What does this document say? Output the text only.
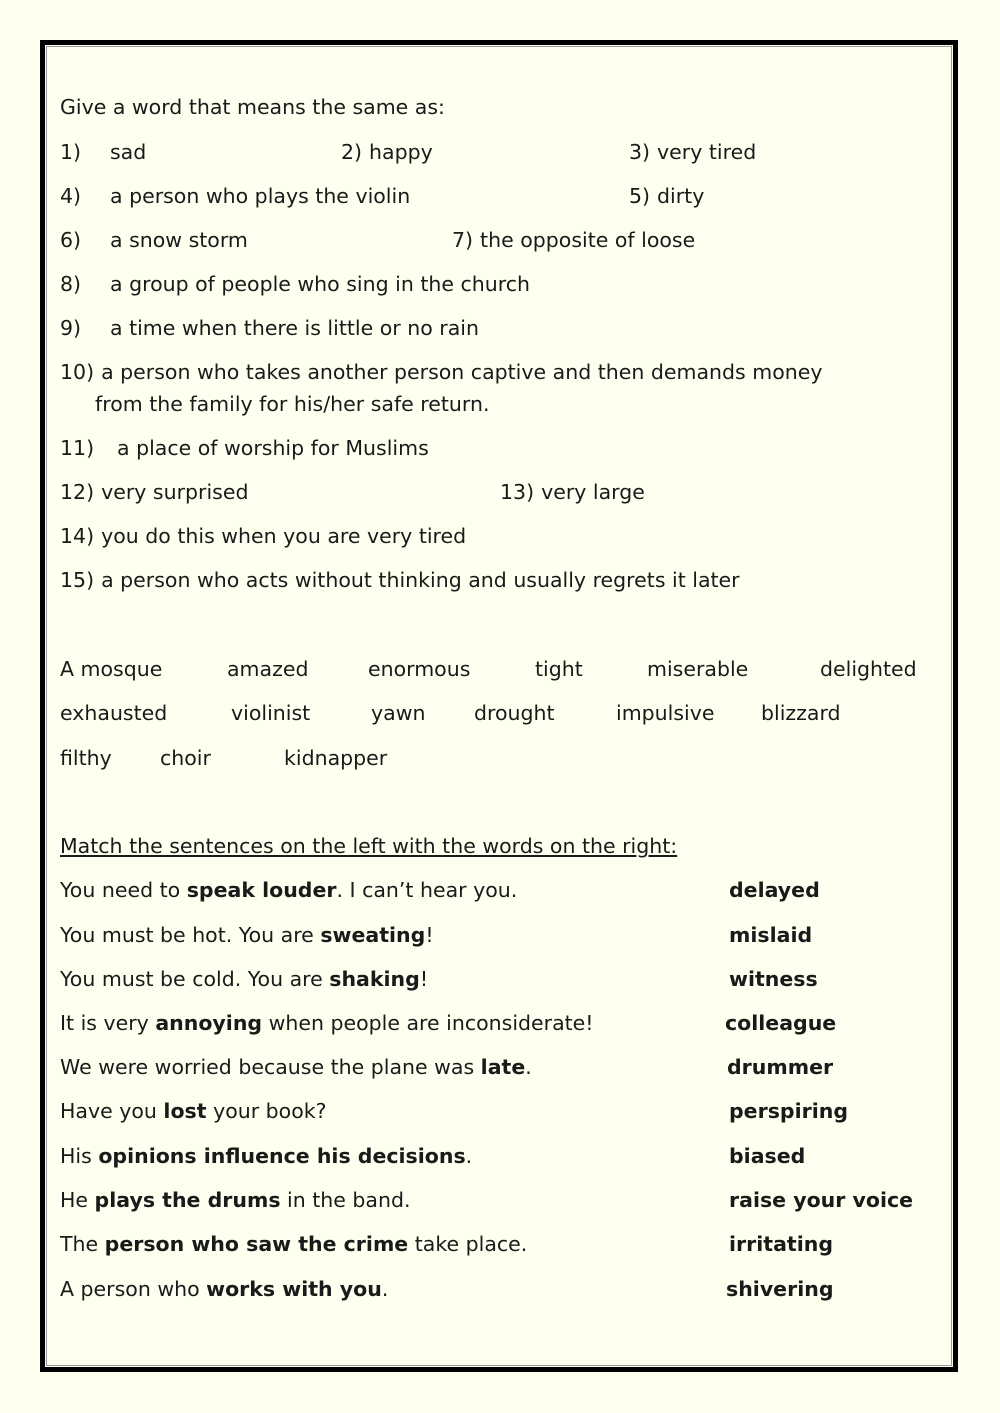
Give a word that means the same as:
1) sad	2) happy	3) very tired
4) a person who plays the violin	5) dirty
6) a snow storm	7) the opposite of loose
8) a group of people who sing in the church
9) a time when there is little or no rain
10) a person who takes another person captive and then demands money
from the family for his/her safe return.
11) a place of worship for Muslims
12) very surprised	13) very large
14) you do this when you are very tired
15) a person who acts without thinking and usually regrets it later
A mosque	amazed	enormous	tight	miserable	delighted
exhausted	violinist	yawn drought	impulsive blizzard
filthy choir	kidnapper
Match the sentences on the left with the words on the right:
You need to speak louder. I can’t hear you.	delayed
You must be hot. You are sweating!	mislaid
You must be cold. You are shaking!	witness
It is very annoying when people are inconsiderate!	colleague
We were worried because the plane was late.	drummer
Have you lost your book?	perspiring
His opinions influence his decisions.	biased
He plays the drums in the band.	raise your voice
The person who saw the crime take place.	irritating
A person who works with you.	shivering
